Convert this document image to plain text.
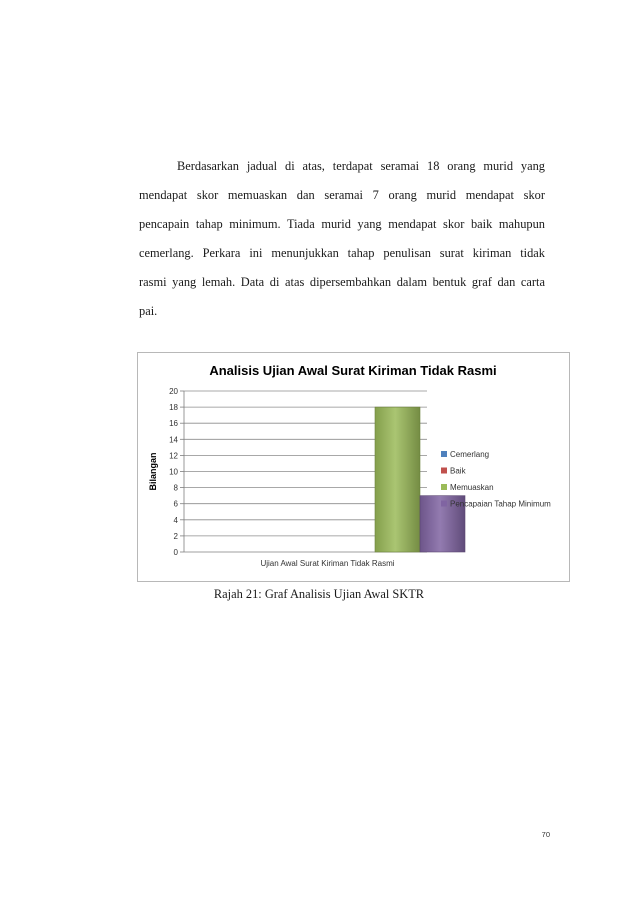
Berdasarkan jadual di atas, terdapat seramai 18 orang murid yang
mendapat skor memuaskan dan seramai 7 orang murid mendapat skor
pencapain tahap minimum. Tiada murid yang mendapat skor baik mahupun
cemerlang. Perkara ini menunjukkan tahap penulisan surat kiriman tidak
rasmi yang lemah. Data di atas dipersembahkan dalam bentuk graf dan carta
pai.
Analisis Ujian Awal Surat Kiriman Tidak Rasmi
0
2
4
6
8
10
12
14
16
18
20
Bilangan
Ujian Awal Surat Kiriman Tidak Rasmi
Cemerlang
Baik
Memuaskan
Pencapaian Tahap Minimum
Rajah 21: Graf Analisis Ujian Awal SKTR
70
